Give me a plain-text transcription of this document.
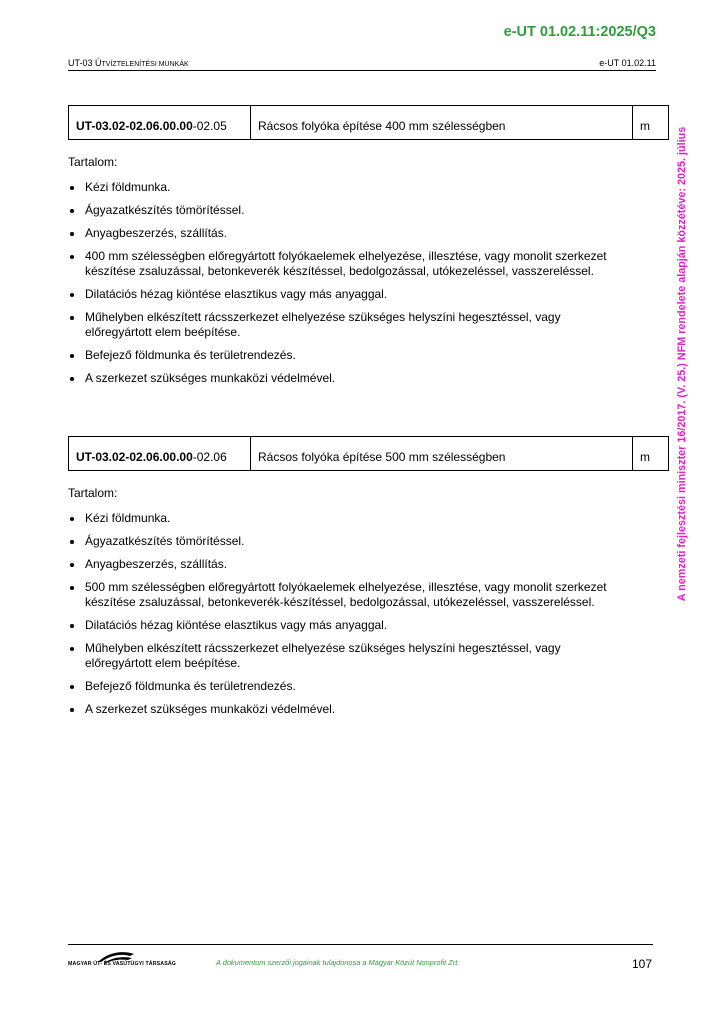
e-UT 01.02.11:2025/Q3
UT-03 ÚTVÍZTELENÍTÉSI MUNKÁK	e-UT 01.02.11
A nemzeti fejlesztési miniszter 16/2017. (V. 25.) NFM rendelete alapján közzétéve: 2025. július
UT-03.02-02.06.00.00-02.05	Rácsos folyóka építése 400 mm szélességben	m

Tartalom:

Kézi földmunka.
Ágyazatkészítés tömörítéssel.
Anyagbeszerzés, szállítás.
400 mm szélességben előregyártott folyókaelemek elhelyezése, illesztése, vagy monolit szerkezet készítése zsaluzással, betonkeverék készítéssel, bedolgozással, utókezeléssel, vasszereléssel.
Dilatációs hézag kiöntése elasztikus vagy más anyaggal.
Műhelyben elkészített rácsszerkezet elhelyezése szükséges helyszíni hegesztéssel, vagy előregyártott elem beépítése.
Befejező földmunka és területrendezés.
A szerkezet szükséges munkaközi védelmével.
UT-03.02-02.06.00.00-02.06	Rácsos folyóka építése 500 mm szélességben	m

Tartalom:

Kézi földmunka.
Ágyazatkészítés tömörítéssel.
Anyagbeszerzés, szállítás.
500 mm szélességben előregyártott folyókaelemek elhelyezése, illesztése, vagy monolit szerkezet készítése zsaluzással, betonkeverék-készítéssel, bedolgozással, utókezeléssel, vasszereléssel.
Dilatációs hézag kiöntése elasztikus vagy más anyaggal.
Műhelyben elkészített rácsszerkezet elhelyezése szükséges helyszíni hegesztéssel, vagy előregyártott elem beépítése.
Befejező földmunka és területrendezés.
A szerkezet szükséges munkaközi védelmével.
MAGYAR ÚT- ÉS VASÚTÜGYI TÁRSASÁG	A dokumentum szerzői jogainak tulajdonosa a Magyar Közút Nonprofit Zrt.	107
